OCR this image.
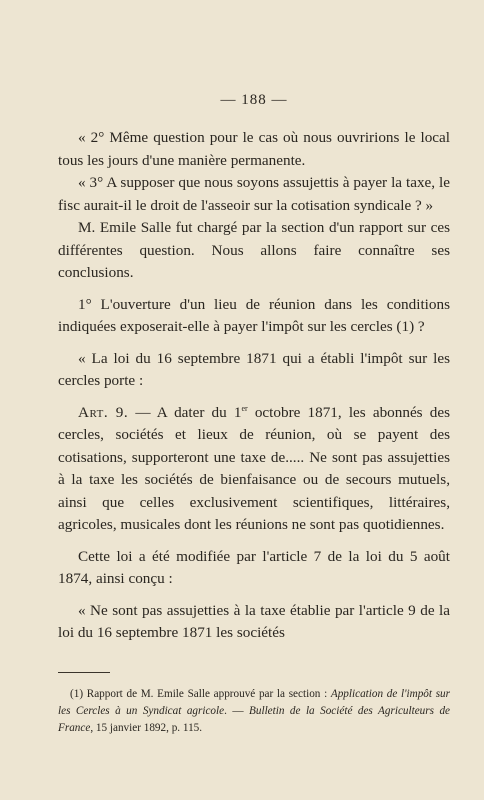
— 188 —

« 2° Même question pour le cas où nous ouvririons le local tous les jours d'une manière permanente.

« 3° A supposer que nous soyons assujettis à payer la taxe, le fisc aurait-il le droit de l'asseoir sur la cotisation syndicale ? »

M. Emile Salle fut chargé par la section d'un rapport sur ces différentes question. Nous allons faire connaître ses conclusions.

1° L'ouverture d'un lieu de réunion dans les conditions indiquées exposerait-elle à payer l'impôt sur les cercles (1) ?

« La loi du 16 septembre 1871 qui a établi l'impôt sur les cercles porte :

Art. 9. — A dater du 1er octobre 1871, les abonnés des cercles, sociétés et lieux de réunion, où se payent des cotisations, supporteront une taxe de..... Ne sont pas assujetties à la taxe les sociétés de bienfaisance ou de secours mutuels, ainsi que celles exclusivement scientifiques, littéraires, agricoles, musicales dont les réunions ne sont pas quotidiennes.

Cette loi a été modifiée par l'article 7 de la loi du 5 août 1874, ainsi conçu :

« Ne sont pas assujetties à la taxe établie par l'article 9 de la loi du 16 septembre 1871 les sociétés

(1) Rapport de M. Emile Salle approuvé par la section : Application de l'impôt sur les Cercles à un Syndicat agricole. — Bulletin de la Société des Agriculteurs de France, 15 janvier 1892, p. 115.
